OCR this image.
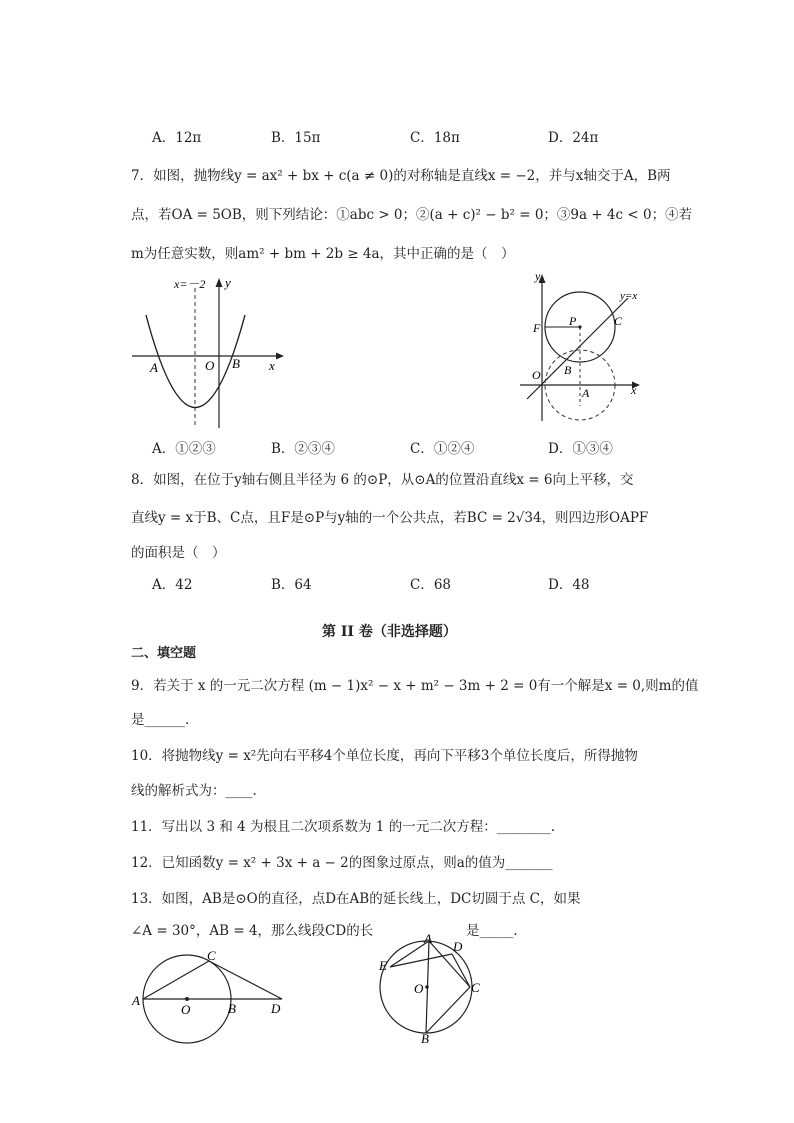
A．12π	B．15π	C．18π	D．24π
7．如图，抛物线y = ax² + bx + c(a ≠ 0)的对称轴是直线x = −2，并与x轴交于A，B两
点，若OA = 5OB，则下列结论：①abc > 0；②(a + c)² − b² = 0；③9a + 4c < 0；④若
m为任意实数，则am² + bm + 2b ≥ 4a，其中正确的是（　）
x=－2 y
x
A	O B
y
x
y=x
F P	C
B
O
A
A．①②③	B．②③④	C．①②④	D．①③④
8．如图，在位于y轴右侧且半径为 6 的⊙P，从⊙A的位置沿直线x = 6向上平移，交
直线y = x于B、C点，且F是⊙P与y轴的一个公共点，若BC = 2√34，则四边形OAPF
的面积是（　）
A．42	B．64	C．68	D．48
第 II 卷（非选择题）
二、填空题
9．若关于 x 的一元二次方程 (m − 1)x² − x + m² − 3m + 2 = 0有一个解是x = 0,则m的值
是______.
10．将抛物线y = x²先向右平移4个单位长度，再向下平移3个单位长度后，所得抛物
线的解析式为：____.
11．写出以 3 和 4 为根且二次项系数为 1 的一元二次方程：________.
12．已知函数y = x² + 3x + a − 2的图象过原点，则a的值为_______
13．如图，AB是⊙O的直径，点D在AB的延长线上，DC切圆于点 C，如果
∠A = 30°，AB = 4，那么线段CD的长	是_____.
A
C
O	B	D
A
D
E
O	C
B
